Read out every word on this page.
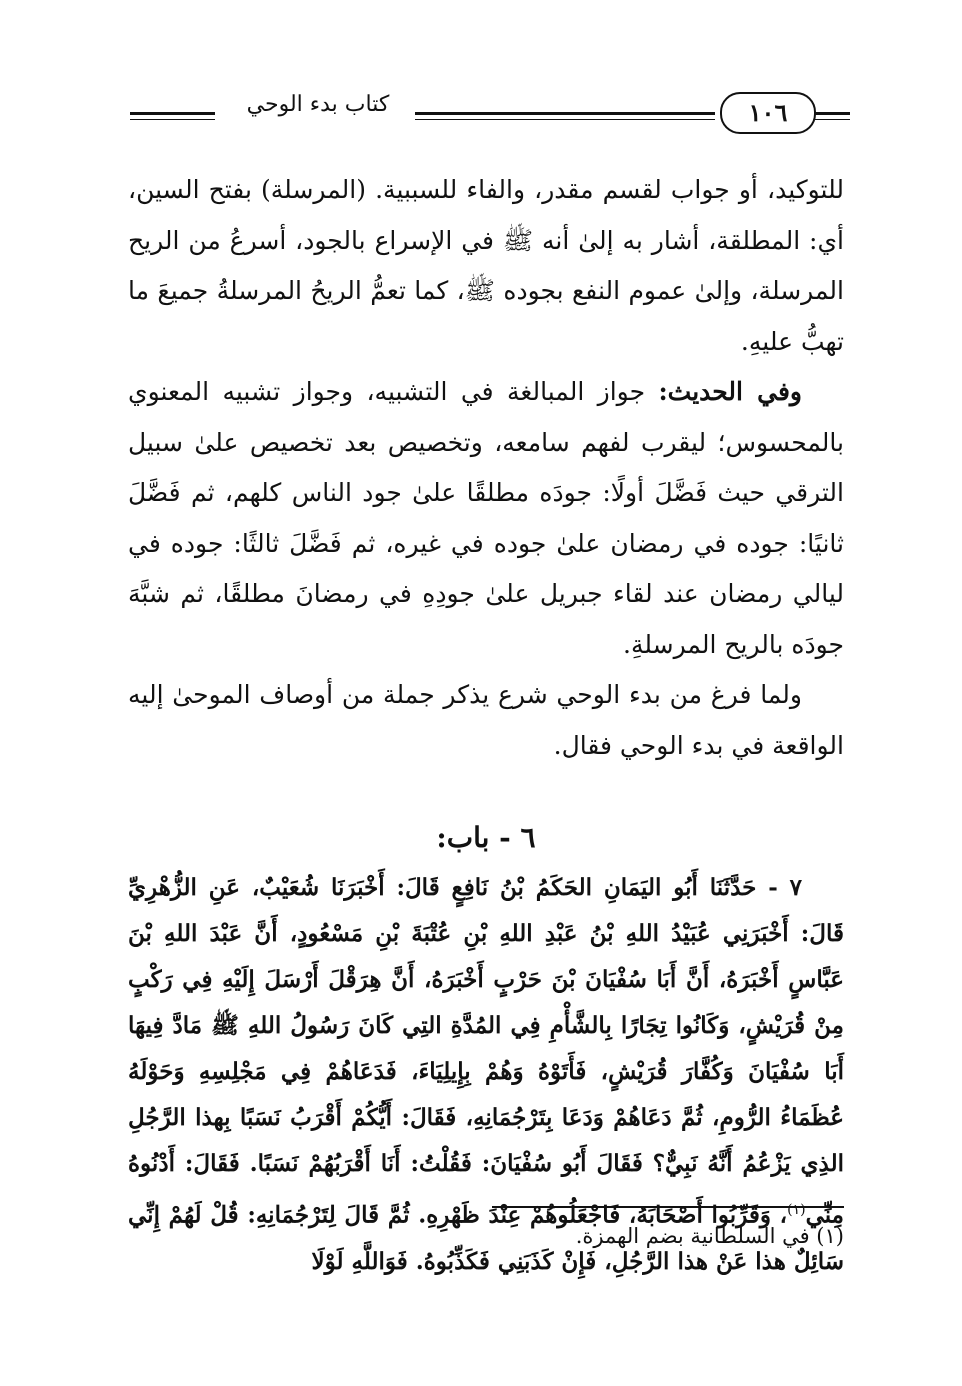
كتاب بدء الوحي	١٠٦

للتوكيد، أو جواب لقسم مقدر، والفاء للسببية. (المرسلة) بفتح السين، أي: المطلقة، أشار به إلىٰ أنه ﷺ في الإسراع بالجود، أسرعُ من الريح المرسلة، وإلىٰ عموم النفع بجوده ﷺ، كما تعمُّ الريحُ المرسلةُ جميعَ ما تهبُّ عليهِ.

وفي الحديث: جواز المبالغة في التشبيه، وجواز تشبيه المعنوي بالمحسوس؛ ليقرب لفهم سامعه، وتخصيص بعد تخصيص علىٰ سبيل الترقي حيث فَضَّلَ أولًا: جودَه مطلقًا علىٰ جود الناس كلهم، ثم فَضَّلَ ثانيًا: جوده في رمضان علىٰ جوده في غيره، ثم فَضَّلَ ثالثًا: جوده في ليالي رمضان عند لقاء جبريل علىٰ جودِهِ في رمضانَ مطلقًا، ثم شبَّهَ جودَه بالريح المرسلةِ.

ولما فرغ من بدء الوحي شرع يذكر جملة من أوصاف الموحىٰ إليه الواقعة في بدء الوحي فقال.

٦ - باب:

٧ - حَدَّثَنَا أَبُو اليَمَانِ الحَكَمُ بْنُ نَافِعٍ قَالَ: أَخْبَرَنَا شُعَيْبٌ، عَنِ الزُّهْرِيِّ قَالَ: أَخْبَرَنِي عُبَيْدُ اللهِ بْنُ عَبْدِ اللهِ بْنِ عُتْبَةَ بْنِ مَسْعُودٍ، أَنَّ عَبْدَ اللهِ بْنَ عَبَّاسٍ أَخْبَرَهُ، أَنَّ أَبَا سُفْيَانَ بْنَ حَرْبٍ أَخْبَرَهُ، أَنَّ هِرَقْلَ أَرْسَلَ إِلَيْهِ فِي رَكْبٍ مِنْ قُرَيْشٍ، وَكَانُوا تِجَارًا بِالشَّأْمِ فِي المُدَّةِ التِي كَانَ رَسُولُ اللهِ ﷺ مَادَّ فِيهَا أَبَا سُفْيَانَ وَكُفَّارَ قُرَيْشٍ، فَأَتَوْهُ وَهُمْ بِإِيلِيَاءَ، فَدَعَاهُمْ فِي مَجْلِسِهِ وَحَوْلَهُ عُظَمَاءُ الرُّومِ، ثُمَّ دَعَاهُمْ وَدَعَا بِتَرْجُمَانِهِ، فَقَالَ: أَيُّكُمْ أَقْرَبُ نَسَبًا بِهذا الرَّجُلِ الذِي يَزْعُمُ أَنَّهُ نَبِيٌّ؟ فَقَالَ أَبُو سُفْيَانَ: فَقُلْتُ: أَنَا أَقْرَبُهُمْ نَسَبًا. فَقَالَ: أَدْنُوهُ مِنِّي$^{(١)}$، وَقَرِّبُوا أَصْحَابَهُ، فَاجْعَلُوهُمْ عِنْدَ ظَهْرِهِ. ثُمَّ قَالَ لِتَرْجُمَانِهِ: قُلْ لَهُمْ إِنِّي سَائِلٌ هذا عَنْ هذا الرَّجُلِ، فَإِنْ كَذَبَنِي فَكَذِّبُوهُ. فَوَاللَّهِ لَوْلَا

(١) في السلطانية بضم الهمزة.
